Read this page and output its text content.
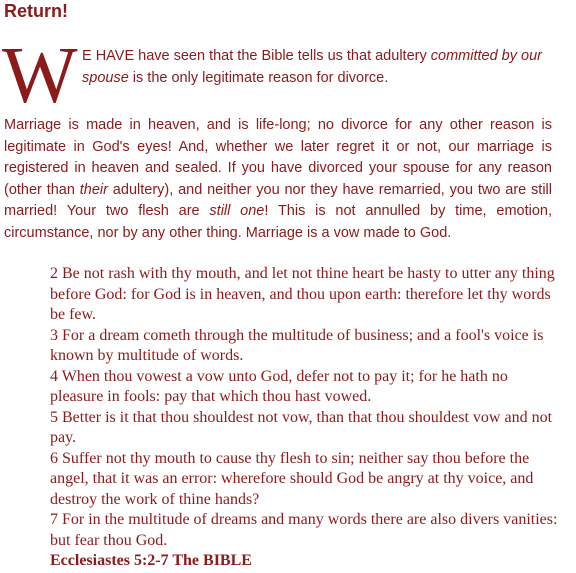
Return!
W E HAVE have seen that the Bible tells us that adultery committed by our spouse is the only legitimate reason for divorce.
Marriage is made in heaven, and is life-long; no divorce for any other reason is legitimate in God's eyes! And, whether we later regret it or not, our marriage is registered in heaven and sealed. If you have divorced your spouse for any reason (other than their adultery), and neither you nor they have remarried, you two are still married! Your two flesh are still one! This is not annulled by time, emotion, circumstance, nor by any other thing. Marriage is a vow made to God.
2 Be not rash with thy mouth, and let not thine heart be hasty to utter any thing before God: for God is in heaven, and thou upon earth: therefore let thy words be few.
3 For a dream cometh through the multitude of business; and a fool's voice is known by multitude of words.
4 When thou vowest a vow unto God, defer not to pay it; for he hath no pleasure in fools: pay that which thou hast vowed.
5 Better is it that thou shouldest not vow, than that thou shouldest vow and not pay.
6 Suffer not thy mouth to cause thy flesh to sin; neither say thou before the angel, that it was an error: wherefore should God be angry at thy voice, and destroy the work of thine hands?
7 For in the multitude of dreams and many words there are also divers vanities: but fear thou God.
Ecclesiastes 5:2-7 The BIBLE
